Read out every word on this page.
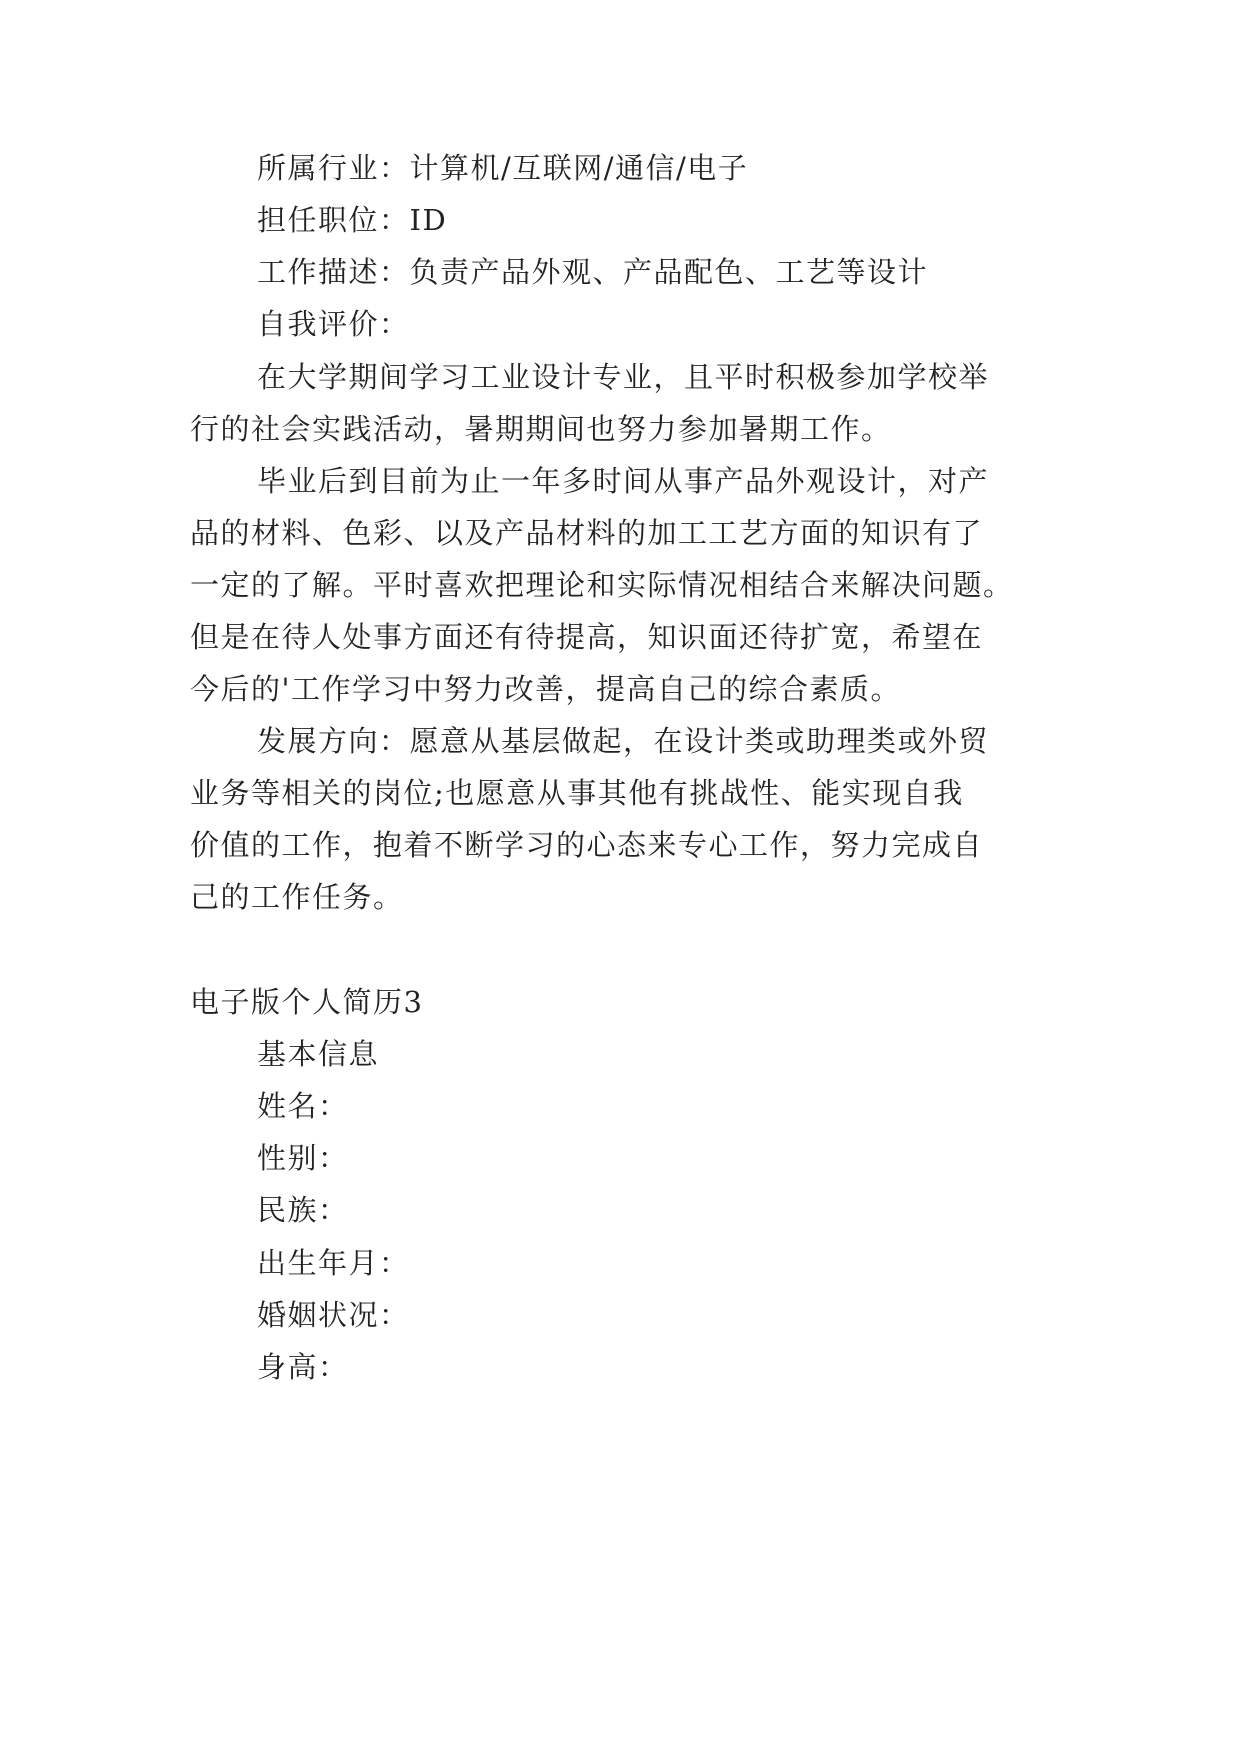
所属行业：计算机/互联网/通信/电子
担任职位：ID
工作描述：负责产品外观、产品配色、工艺等设计
自我评价：
在大学期间学习工业设计专业，且平时积极参加学校举
行的社会实践活动，暑期期间也努力参加暑期工作。
毕业后到目前为止一年多时间从事产品外观设计，对产
品的材料、色彩、以及产品材料的加工工艺方面的知识有了
一定的了解。平时喜欢把理论和实际情况相结合来解决问题。
但是在待人处事方面还有待提高，知识面还待扩宽，希望在
今后的'工作学习中努力改善，提高自己的综合素质。
发展方向：愿意从基层做起，在设计类或助理类或外贸
业务等相关的岗位;也愿意从事其他有挑战性、能实现自我
价值的工作，抱着不断学习的心态来专心工作，努力完成自
己的工作任务。
电子版个人简历3
基本信息
姓名：
性别：
民族：
出生年月：
婚姻状况：
身高：
